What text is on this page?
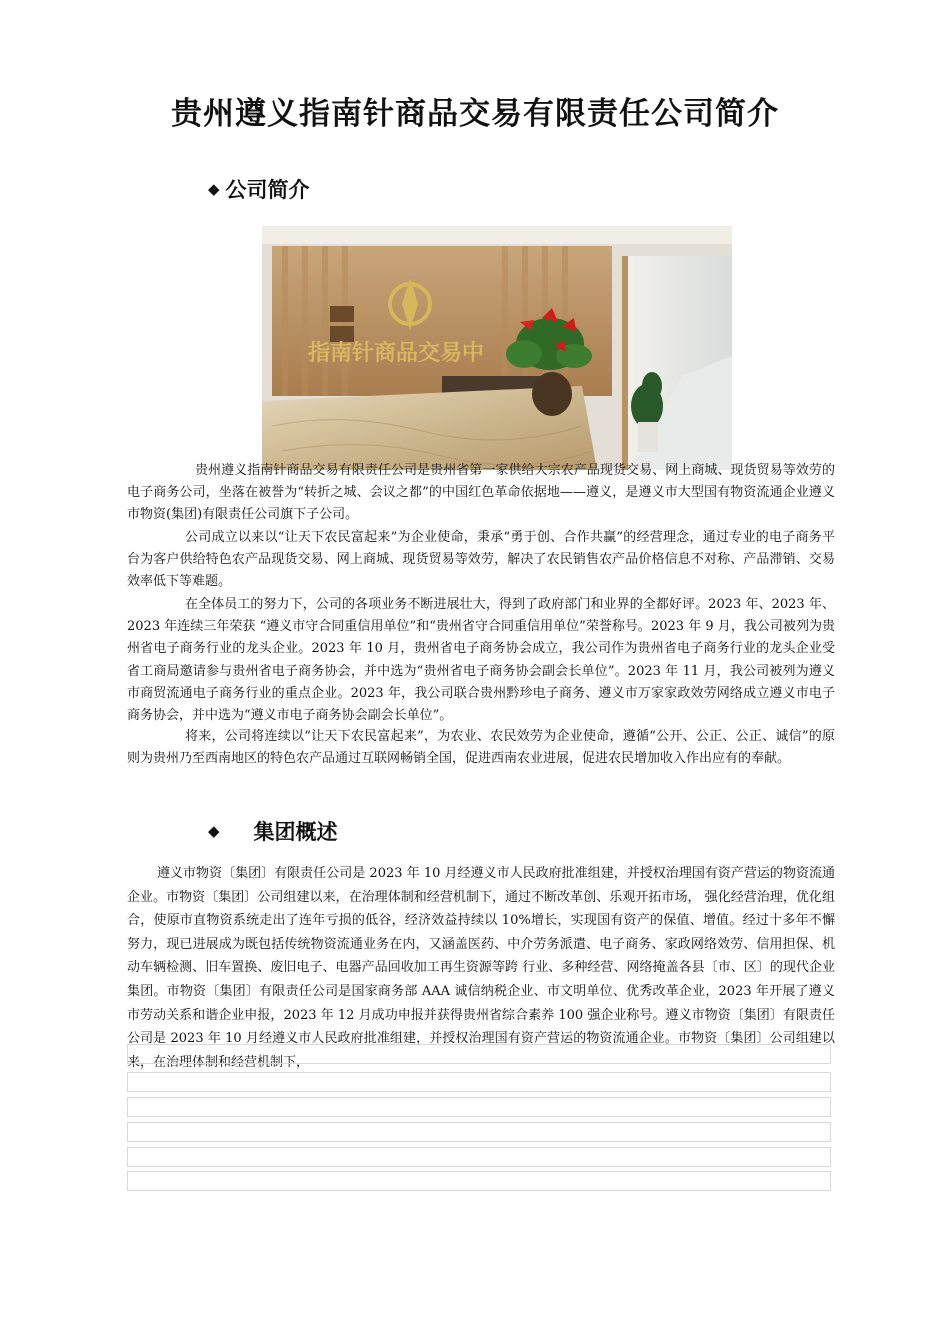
贵州遵义指南针商品交易有限责任公司简介
◆ 公司简介
指南针商品交易中

贵州遵义指南针商品交易有限责任公司是贵州省第一家供给大宗农产品现货交易、网上商城、现货贸易等效劳的电子商务公司，坐落在被誉为“转折之城、会议之都”的中国红色革命依据地——遵义，是遵义市大型国有物资流通企业遵义市物资(集团)有限责任公司旗下子公司。

公司成立以来以“让天下农民富起来”为企业使命，秉承“勇于创、合作共赢”的经营理念，通过专业的电子商务平台为客户供给特色农产品现货交易、网上商城、现货贸易等效劳，解决了农民销售农产品价格信息不对称、产品滞销、交易效率低下等难题。

在全体员工的努力下，公司的各项业务不断进展壮大，得到了政府部门和业界的全都好评。2023 年、2023 年、2023 年连续三年荣获 “遵义市守合同重信用单位”和“贵州省守合同重信用单位”荣誉称号。2023 年 9 月，我公司被列为贵州省电子商务行业的龙头企业。2023 年 10 月，贵州省电子商务协会成立，我公司作为贵州省电子商务行业的龙头企业受省工商局邀请参与贵州省电子商务协会，并中选为“贵州省电子商务协会副会长单位”。2023 年 11 月，我公司被列为遵义市商贸流通电子商务行业的重点企业。2023 年，我公司联合贵州黔珍电子商务、遵义市万家家政效劳网络成立遵义市电子商务协会，并中选为“遵义市电子商务协会副会长单位”。

将来，公司将连续以“让天下农民富起来”，为农业、农民效劳为企业使命，遵循“公开、公正、公正、诚信”的原则为贵州乃至西南地区的特色农产品通过互联网畅销全国，促进西南农业进展，促进农民增加收入作出应有的奉献。

◆ 集团概述

遵义市物资〔集团〕有限责任公司是 2023 年 10 月经遵义市人民政府批准组建，并授权治理国有资产营运的物资流通企业。市物资〔集团〕公司组建以来，在治理体制和经营机制下，通过不断改革创、乐观开拓市场， 强化经营治理，优化组合，使原市直物资系统走出了连年亏损的低谷，经济效益持续以 10%增长，实现国有资产的保值、增值。经过十多年不懈努力，现已进展成为既包括传统物资流通业务在内，又涵盖医药、中介劳务派遣、电子商务、家政网络效劳、信用担保、机动车辆检测、旧车置换、废旧电子、电器产品回收加工再生资源等跨 行业、多种经营、网络掩盖各县〔市、区〕的现代企业集团。市物资〔集团〕有限责任公司是国家商务部 AAA 诚信纳税企业、市文明单位、优秀改革企业，2023 年开展了遵义市劳动关系和谐企业申报，2023 年 12 月成功申报并获得贵州省综合素养 100 强企业称号。遵义市物资〔集团〕有限责任公司是 2023 年 10 月经遵义市人民政府批准组建，并授权治理国有资产营运的物资流通企业。市物资〔集团〕公司组建以来，在治理体制和经营机制下，
